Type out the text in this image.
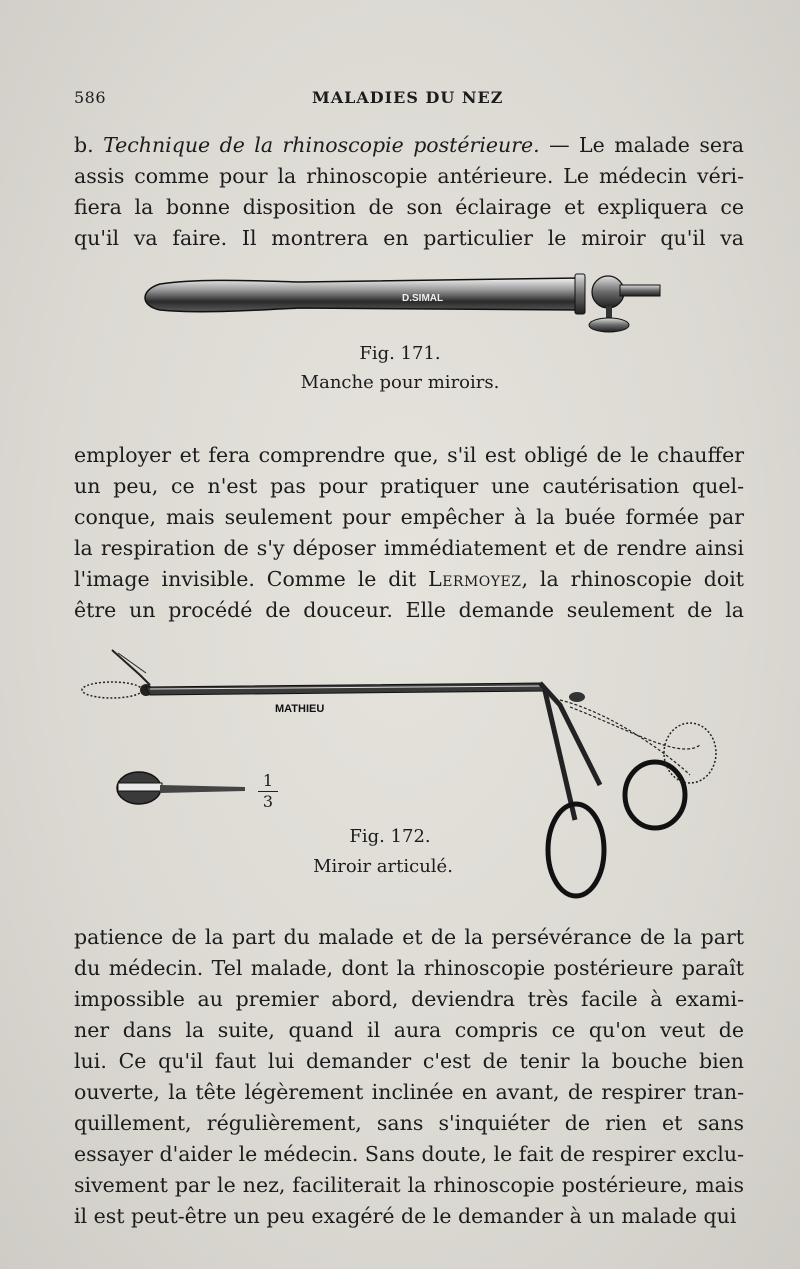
586	MALADIES DU NEZ
b. Technique de la rhinoscopie postérieure. — Le malade sera
assis comme pour la rhinoscopie antérieure. Le médecin véri-
fiera la bonne disposition de son éclairage et expliquera ce
qu'il va faire. Il montrera en particulier le miroir qu'il va
D.SIMAL
Fig. 171.
Manche pour miroirs.
employer et fera comprendre que, s'il est obligé de le chauffer
un peu, ce n'est pas pour pratiquer une cautérisation quel-
conque, mais seulement pour empêcher à la buée formée par
la respiration de s'y déposer immédiatement et de rendre ainsi
l'image invisible. Comme le dit Lermoyez, la rhinoscopie doit
être un procédé de douceur. Elle demande seulement de la
MATHIEU
1
3
Fig. 172.
Miroir articulé.
patience de la part du malade et de la persévérance de la part
du médecin. Tel malade, dont la rhinoscopie postérieure paraît
impossible au premier abord, deviendra très facile à exami-
ner dans la suite, quand il aura compris ce qu'on veut de
lui. Ce qu'il faut lui demander c'est de tenir la bouche bien
ouverte, la tête légèrement inclinée en avant, de respirer tran-
quillement, régulièrement, sans s'inquiéter de rien et sans
essayer d'aider le médecin. Sans doute, le fait de respirer exclu-
sivement par le nez, faciliterait la rhinoscopie postérieure, mais
il est peut-être un peu exagéré de le demander à un malade qui
